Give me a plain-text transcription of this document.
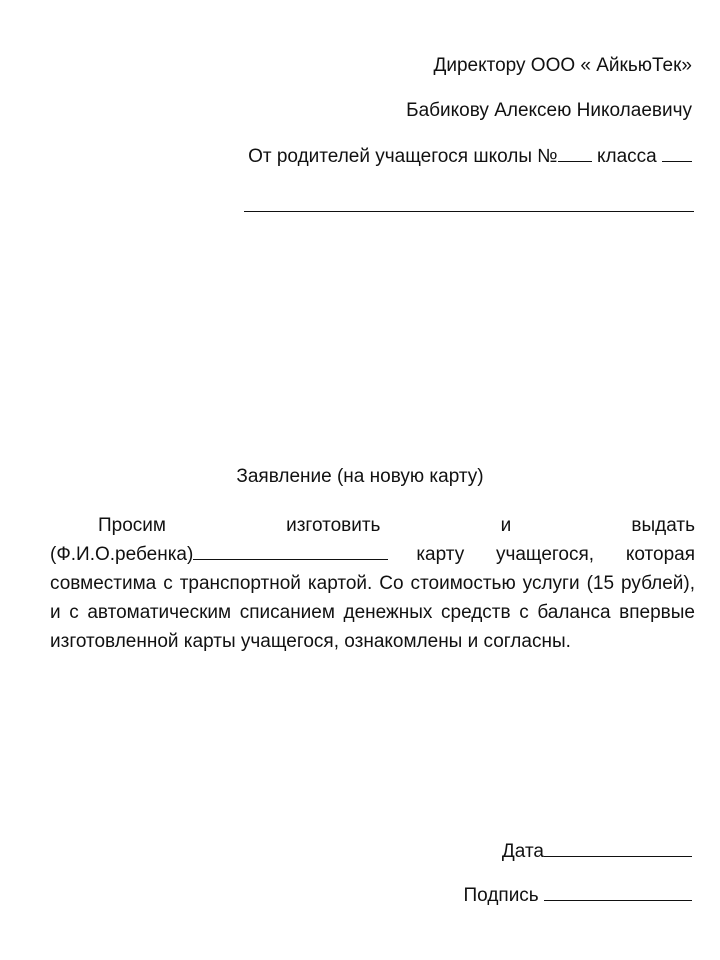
Директору ООО « АйкьюТек»
Бабикову Алексею Николаевичу
От родителей учащегося школы № класса
Заявление (на новую карту)
Просим	изготовить	и	выдать
(Ф.И.О.ребенка)	карту учащегося, которая
совместима с транспортной картой. Со стоимостью услуги (15 рублей),
и с автоматическим списанием денежных средств с баланса впервые
изготовленной карты учащегося, ознакомлены и согласны.
Дата
Подпись
